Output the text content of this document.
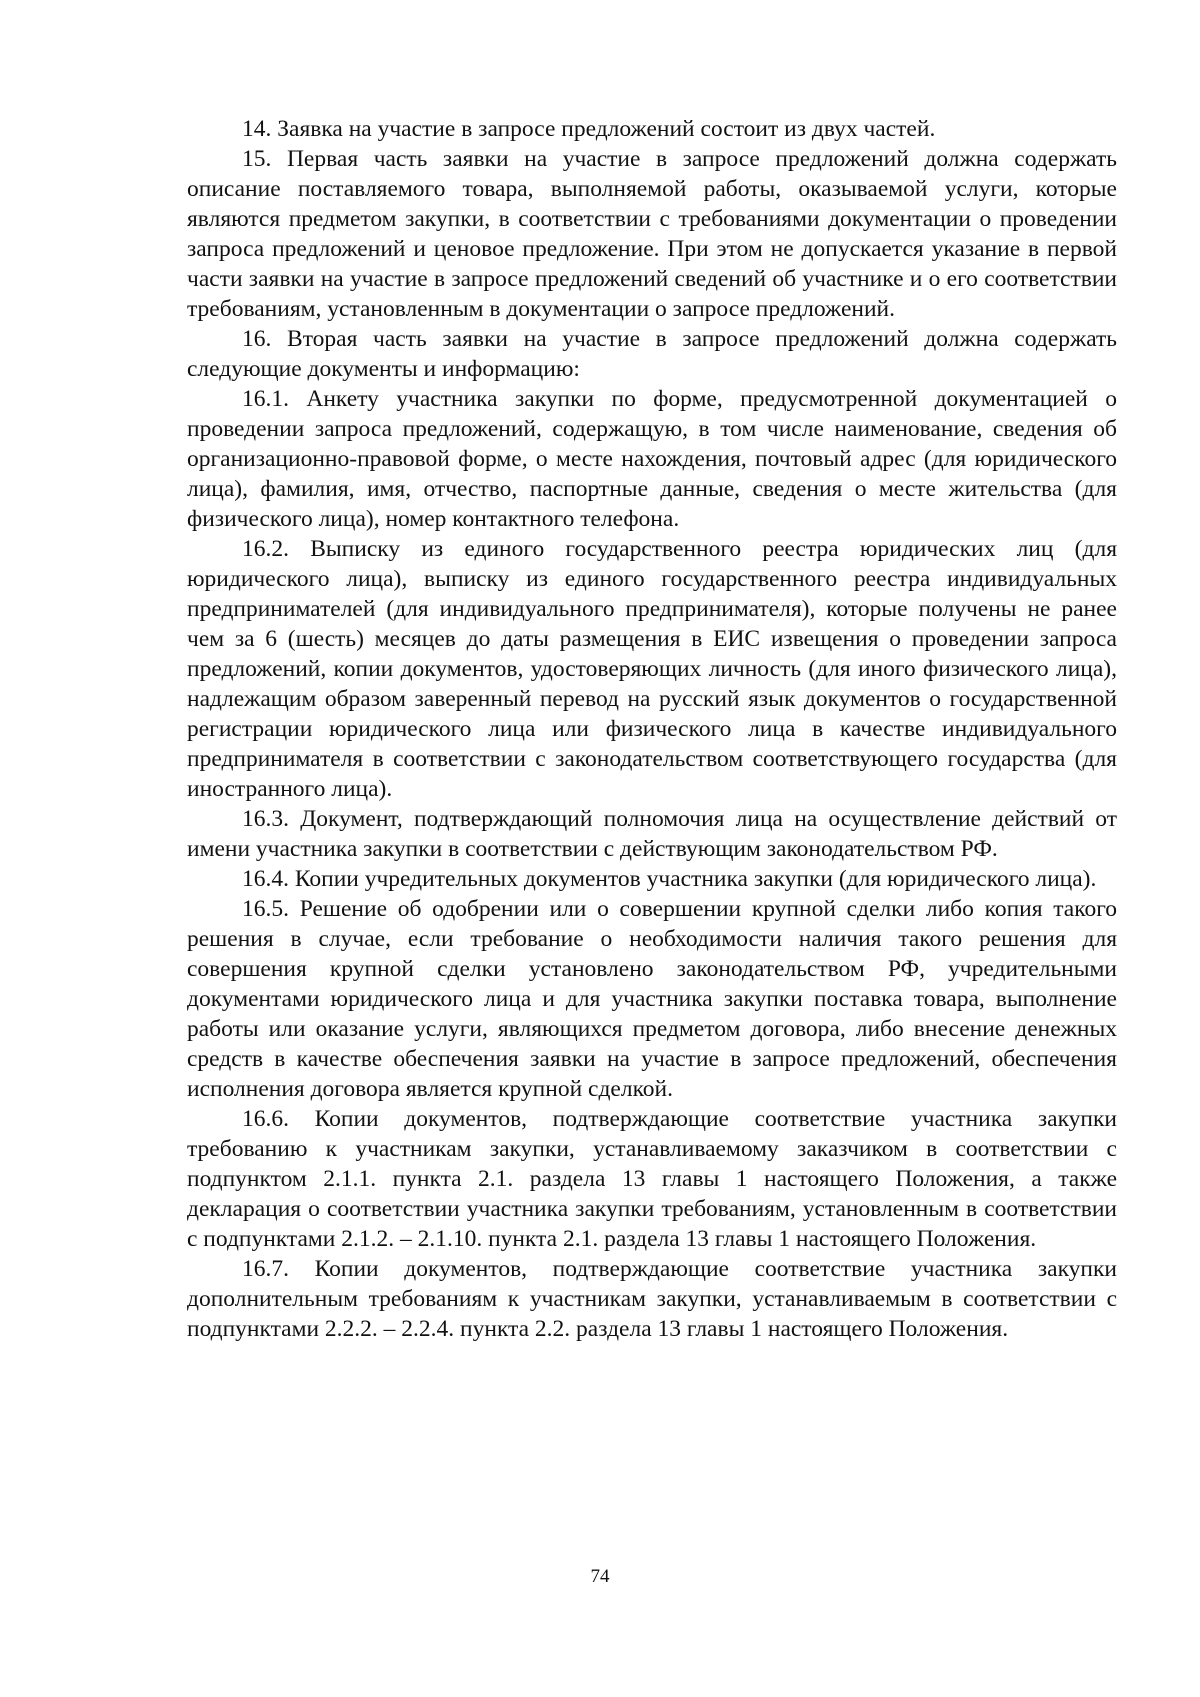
14. Заявка на участие в запросе предложений состоит из двух частей.

15. Первая часть заявки на участие в запросе предложений должна содержать описание поставляемого товара, выполняемой работы, оказываемой услуги, которые являются предметом закупки, в соответствии с требованиями документации о проведении запроса предложений и ценовое предложение. При этом не допускается указание в первой части заявки на участие в запросе предложений сведений об участнике и о его соответствии требованиям, установленным в документации о запросе предложений.

16. Вторая часть заявки на участие в запросе предложений должна содержать следующие документы и информацию:

16.1. Анкету участника закупки по форме, предусмотренной документацией о проведении запроса предложений, содержащую, в том числе наименование, сведения об организационно-правовой форме, о месте нахождения, почтовый адрес (для юридического лица), фамилия, имя, отчество, паспортные данные, сведения о месте жительства (для физического лица), номер контактного телефона.

16.2. Выписку из единого государственного реестра юридических лиц (для юридического лица), выписку из единого государственного реестра индивидуальных предпринимателей (для индивидуального предпринимателя), которые получены не ранее чем за 6 (шесть) месяцев до даты размещения в ЕИС извещения о проведении запроса предложений, копии документов, удостоверяющих личность (для иного физического лица), надлежащим образом заверенный перевод на русский язык документов о государственной регистрации юридического лица или физического лица в качестве индивидуального предпринимателя в соответствии с законодательством соответствующего государства (для иностранного лица).

16.3. Документ, подтверждающий полномочия лица на осуществление действий от имени участника закупки в соответствии с действующим законодательством РФ.

16.4. Копии учредительных документов участника закупки (для юридического лица).

16.5. Решение об одобрении или о совершении крупной сделки либо копия такого решения в случае, если требование о необходимости наличия такого решения для совершения крупной сделки установлено законодательством РФ, учредительными документами юридического лица и для участника закупки поставка товара, выполнение работы или оказание услуги, являющихся предметом договора, либо внесение денежных средств в качестве обеспечения заявки на участие в запросе предложений, обеспечения исполнения договора является крупной сделкой.

16.6. Копии документов, подтверждающие соответствие участника закупки требованию к участникам закупки, устанавливаемому заказчиком в соответствии с подпунктом 2.1.1. пункта 2.1. раздела 13 главы 1 настоящего Положения, а также декларация о соответствии участника закупки требованиям, установленным в соответствии с подпунктами 2.1.2. – 2.1.10. пункта 2.1. раздела 13 главы 1 настоящего Положения.

16.7. Копии документов, подтверждающие соответствие участника закупки дополнительным требованиям к участникам закупки, устанавливаемым в соответствии с подпунктами 2.2.2. – 2.2.4. пункта 2.2. раздела 13 главы 1 настоящего Положения.

74
